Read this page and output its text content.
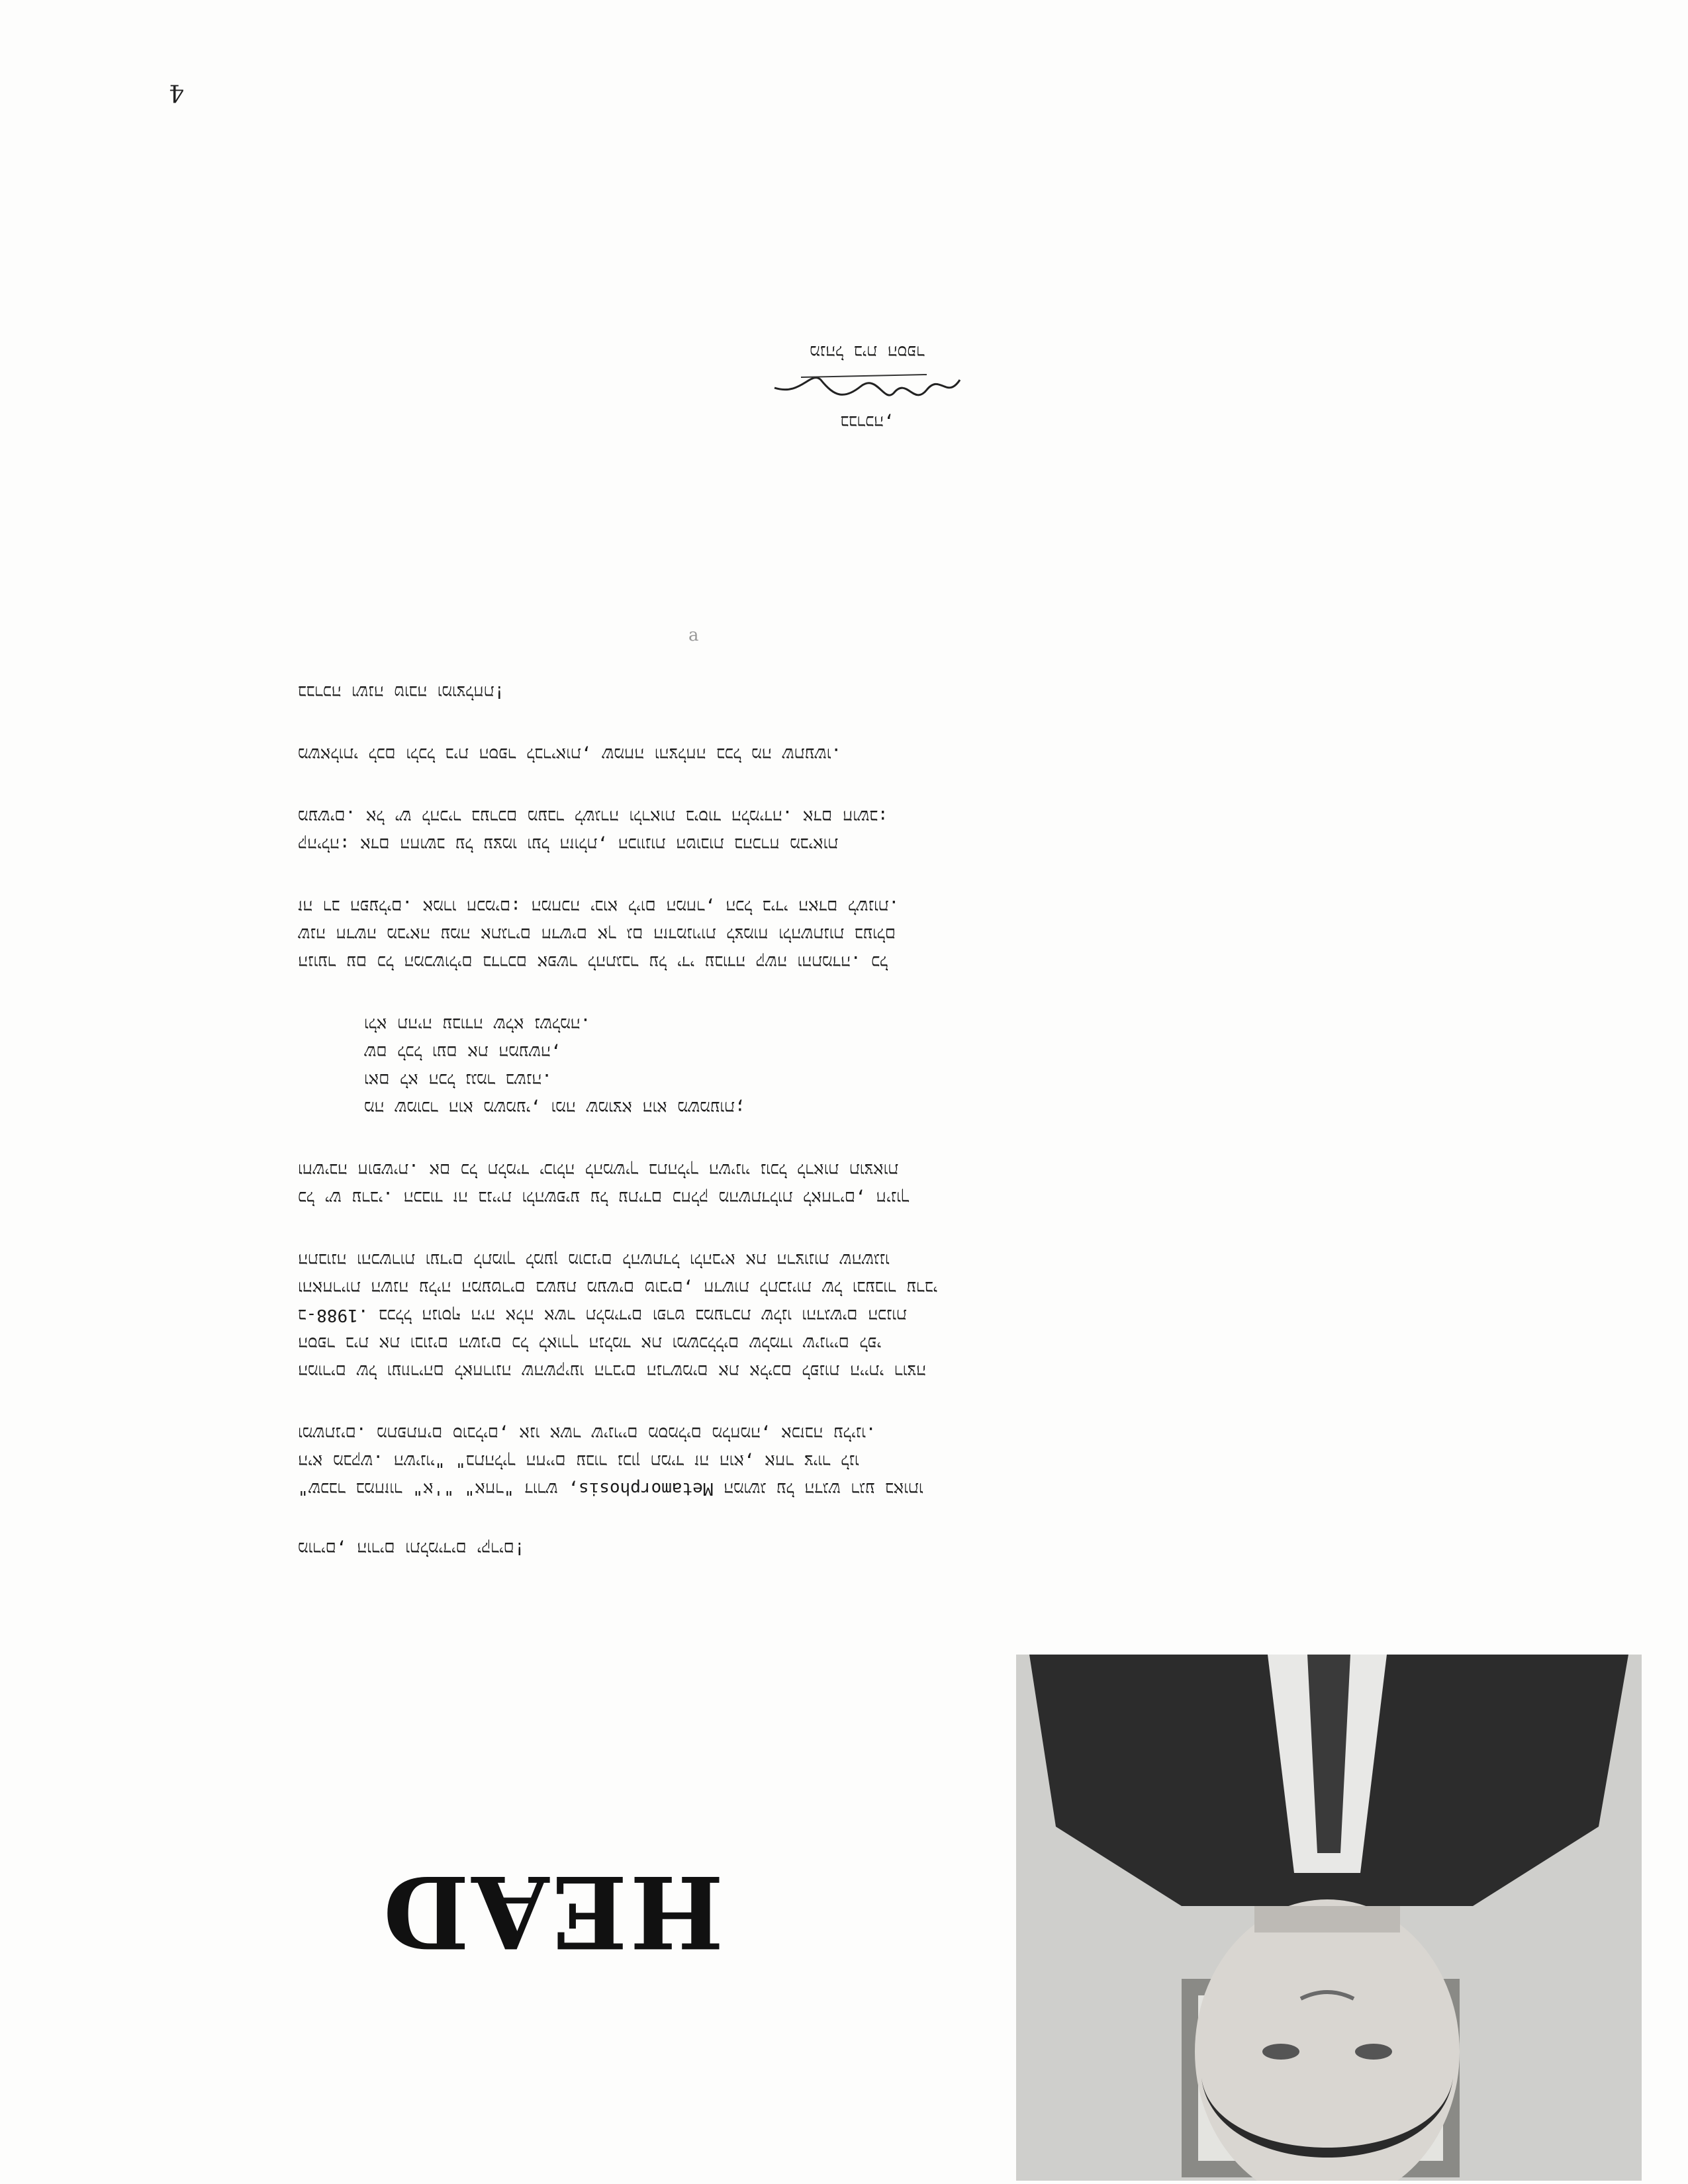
4
מורים, הורים ותלמידים יקרים!
"שכבר במחזור "א'" "אחר" דורש ,Metamorphosis המושג על הדגש רגע באותו
היא מבקש. השינוי" "בתהליך החיים עבור נכון תמיד זה הוא, אחר ציור לנו
ומשתנים. מתפתחים סובלים, אנו אשר שינויים מסמלים מלחמה, אכזבה עלינו.
המורים של ועוזריהם לאחרונה שהשקיעו הרבים הנרשמים את אליכם לפנות הייתי רוצה
הספר בית את ובונים השנים כל לאורך הנלמד את ומשכללים שלמדו שינויים לפי
ב-1988. בכלל הנוסף היה אלה אשר תלמידים ופרט במערכת שלנו והדגשים הכנות
והאחריות השנה עליה המעטרים בשעת מעשים טובים, חדשות לתכניות של ובעבור ערבי
התבונה והכשרות ועדים לתמוך למען מוכנים להשתדל ולהביא את הרצונות שהשגנו
כל יש ערבי. הכבוד זה בניית ולהשפיע על עתידם כחלק מהשתדלות לאחרים, חינוך
וחשיבה חופשית. אם כל תלמיד יכולה להמשיך בתהליך השינוי נוכל לראות תוצאות
מה שמוכר הוא משמעי, ומה שמוצא הוא משמעות;
ואם לא הכל נגמר בשנה.
שם לכל ועם את המעשה,
ולא תהיה עבודה שלא נשלמה.
הנוער עם כל המכשולים בדרכם אפשר להתגבר על ידי עבודה קשה והתמדה. כל
שנה חדשה מביאה עמה אתגרים חדשים אך גם הזדמנויות לצמוח ולהשתנות בעולם
זה רב הפעלים. אמרו חכמים: המחכה יבוא ליום המחר, הכל בידי האדם לשנות.
קהילה: אדם החושב על עצמו ועל הזולת, הכוונות הטובות בהכרח מביאות
מעשים. אל יש להכיר בערכם מעבר לשגרה ולראות ביסוד הלמידה. אדם חושב:
משאלותי לכם ולכל בית הספר לבריאות, שמחה והצלחה בכל מה שתעשו.
בברכה ושנה טובה ומוצלחת!
בברכה,
מנהל בית הספר
HEAD
a
